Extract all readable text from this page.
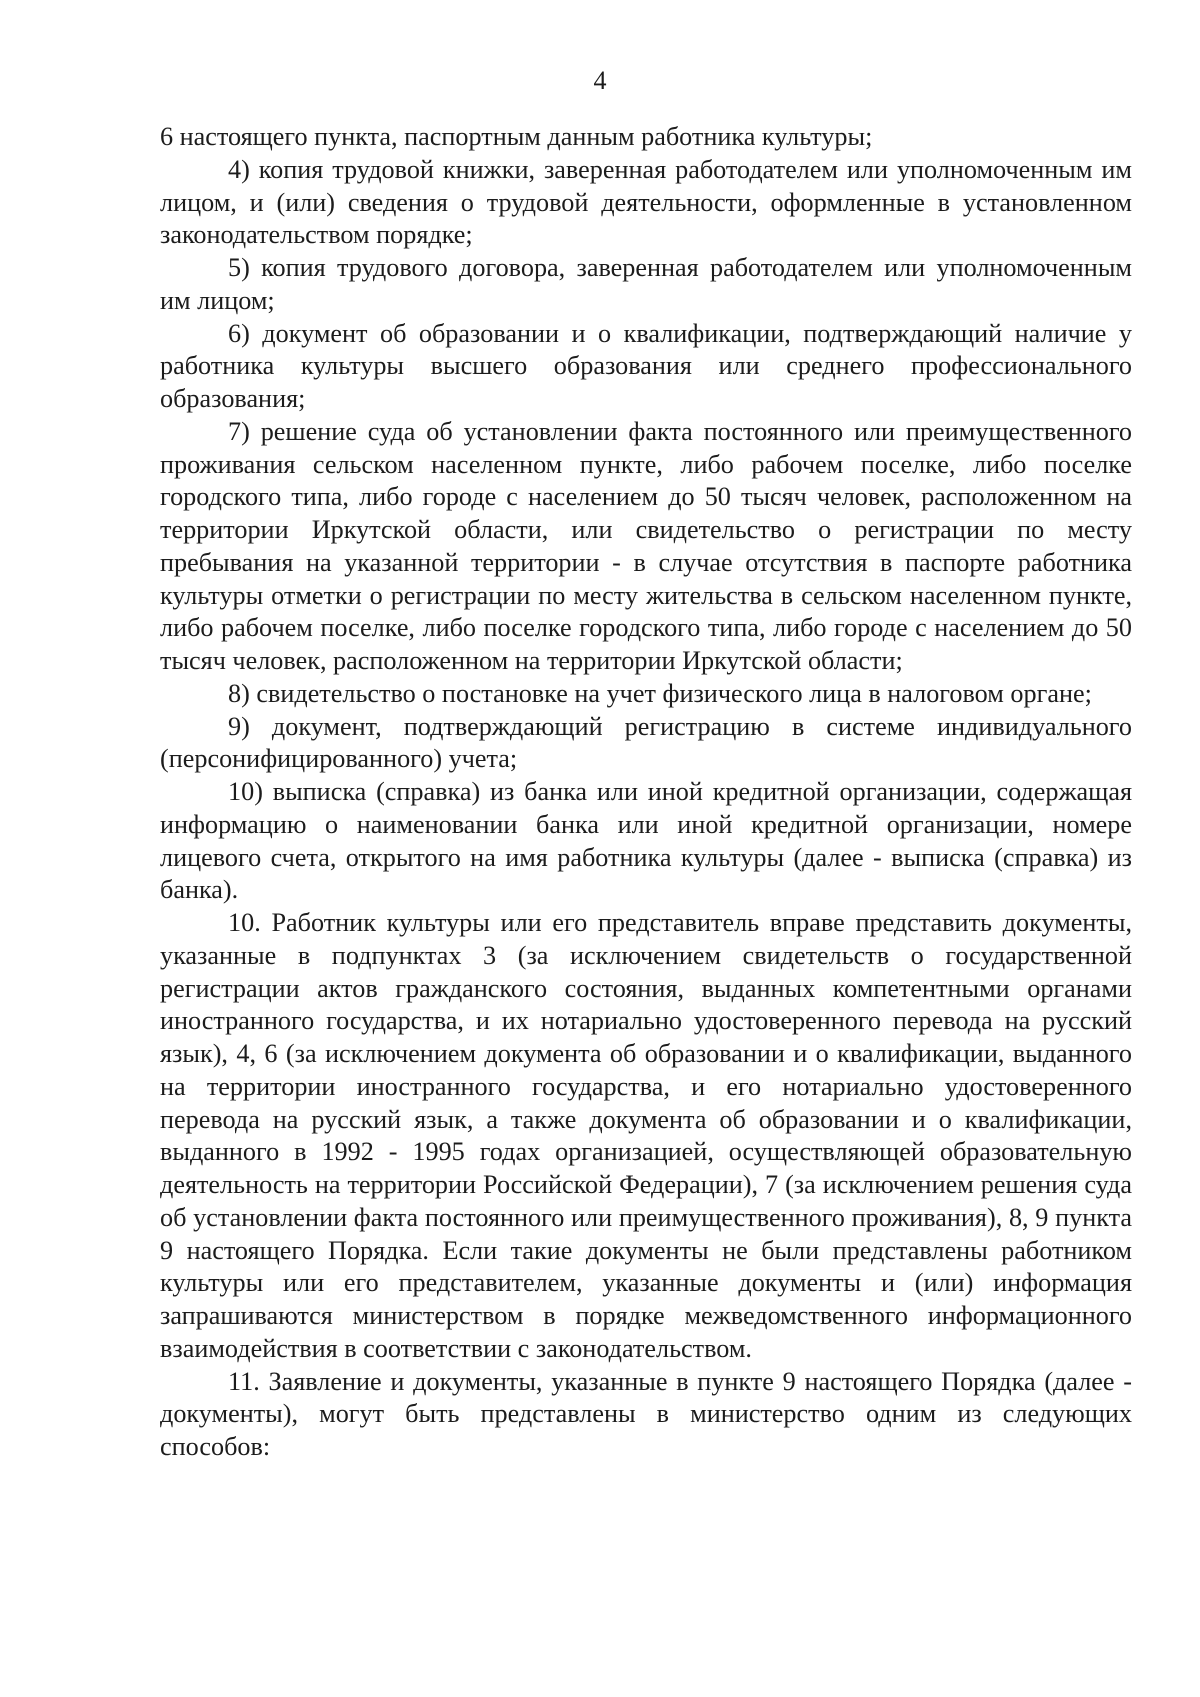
4

6 настоящего пункта, паспортным данным работника культуры;

4) копия трудовой книжки, заверенная работодателем или уполномоченным им лицом, и (или) сведения о трудовой деятельности, оформленные в установленном законодательством порядке;

5) копия трудового договора, заверенная работодателем или уполномоченным им лицом;

6) документ об образовании и о квалификации, подтверждающий наличие у работника культуры высшего образования или среднего профессионального образования;

7) решение суда об установлении факта постоянного или преимущественного проживания сельском населенном пункте, либо рабочем поселке, либо поселке городского типа, либо городе с населением до 50 тысяч человек, расположенном на территории Иркутской области, или свидетельство о регистрации по месту пребывания на указанной территории - в случае отсутствия в паспорте работника культуры отметки о регистрации по месту жительства в сельском населенном пункте, либо рабочем поселке, либо поселке городского типа, либо городе с населением до 50 тысяч человек, расположенном на территории Иркутской области;

8) свидетельство о постановке на учет физического лица в налоговом органе;

9) документ, подтверждающий регистрацию в системе индивидуального (персонифицированного) учета;

10) выписка (справка) из банка или иной кредитной организации, содержащая информацию о наименовании банка или иной кредитной организации, номере лицевого счета, открытого на имя работника культуры (далее - выписка (справка) из банка).

10. Работник культуры или его представитель вправе представить документы, указанные в подпунктах 3 (за исключением свидетельств о государственной регистрации актов гражданского состояния, выданных компетентными органами иностранного государства, и их нотариально удостоверенного перевода на русский язык), 4, 6 (за исключением документа об образовании и о квалификации, выданного на территории иностранного государства, и его нотариально удостоверенного перевода на русский язык, а также документа об образовании и о квалификации, выданного в 1992 - 1995 годах организацией, осуществляющей образовательную деятельность на территории Российской Федерации), 7 (за исключением решения суда об установлении факта постоянного или преимущественного проживания), 8, 9 пункта 9 настоящего Порядка. Если такие документы не были представлены работником культуры или его представителем, указанные документы и (или) информация запрашиваются министерством в порядке межведомственного информационного взаимодействия в соответствии с законодательством.

11. Заявление и документы, указанные в пункте 9 настоящего Порядка (далее - документы), могут быть представлены в министерство одним из следующих способов:
